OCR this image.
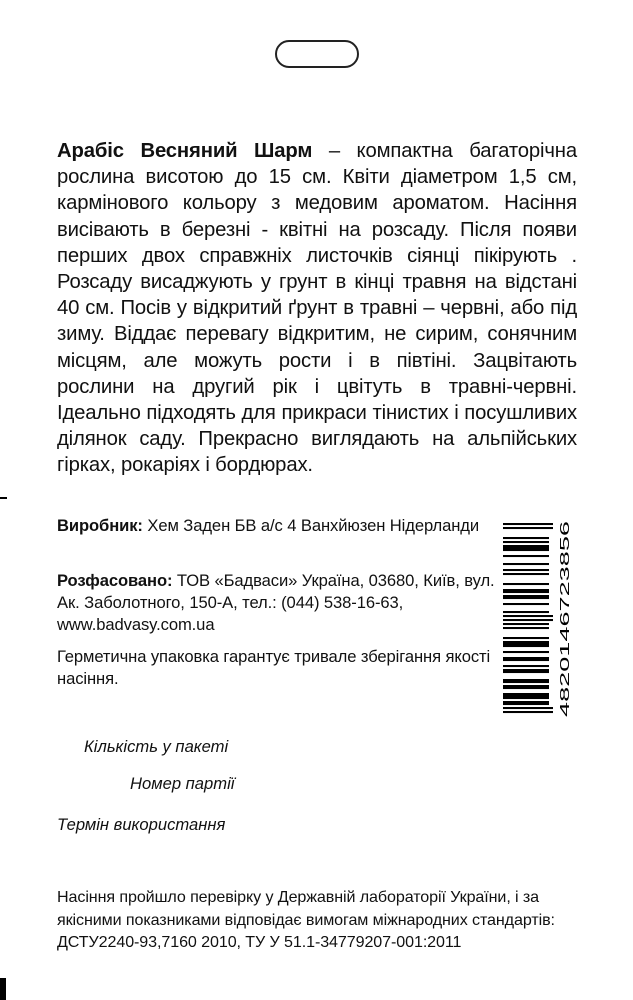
Арабіс Весняний Шарм – компактна багаторічна рослина висотою до 15 см. Квіти діаметром 1,5 см, кармінового кольору з медовим ароматом. Насіння висівають в березні - квітні на розсаду. Після появи перших двох справжніх листочків сіянці пікірують . Розсаду висаджують у грунт в кінці травня на відстані 40 см. Посів у відкритий ґрунт в травні – червні, або під зиму. Віддає перевагу відкритим, не сирим, сонячним місцям, але можуть рости і в півтіні. Зацвітають рослини на другий рік і цвітуть в травні-червні. Ідеально підходять для прикраси тінистих і посушливих ділянок саду. Прекрасно виглядають на альпійських гірках, рокаріях і бордюрах.

Виробник: Хем Заден БВ а/с 4 Ванхйюзен Нідерланди

Розфасовано: ТОВ «Бадваси» Україна, 03680, Київ, вул. Ак. Заболотного, 150-А, тел.: (044) 538-16-63, www.badvasy.com.ua

Герметична упаковка гарантує тривале зберігання якості насіння.

Кількість у пакеті

Номер партії

Термін використання

Насіння пройшло перевірку у Державній лабораторії України, і за якісними показниками відповідає вимогам міжнародних стандартів:
ДСТУ2240-93,7160 2010, ТУ У 51.1-34779207-001:2011
4820146723856
